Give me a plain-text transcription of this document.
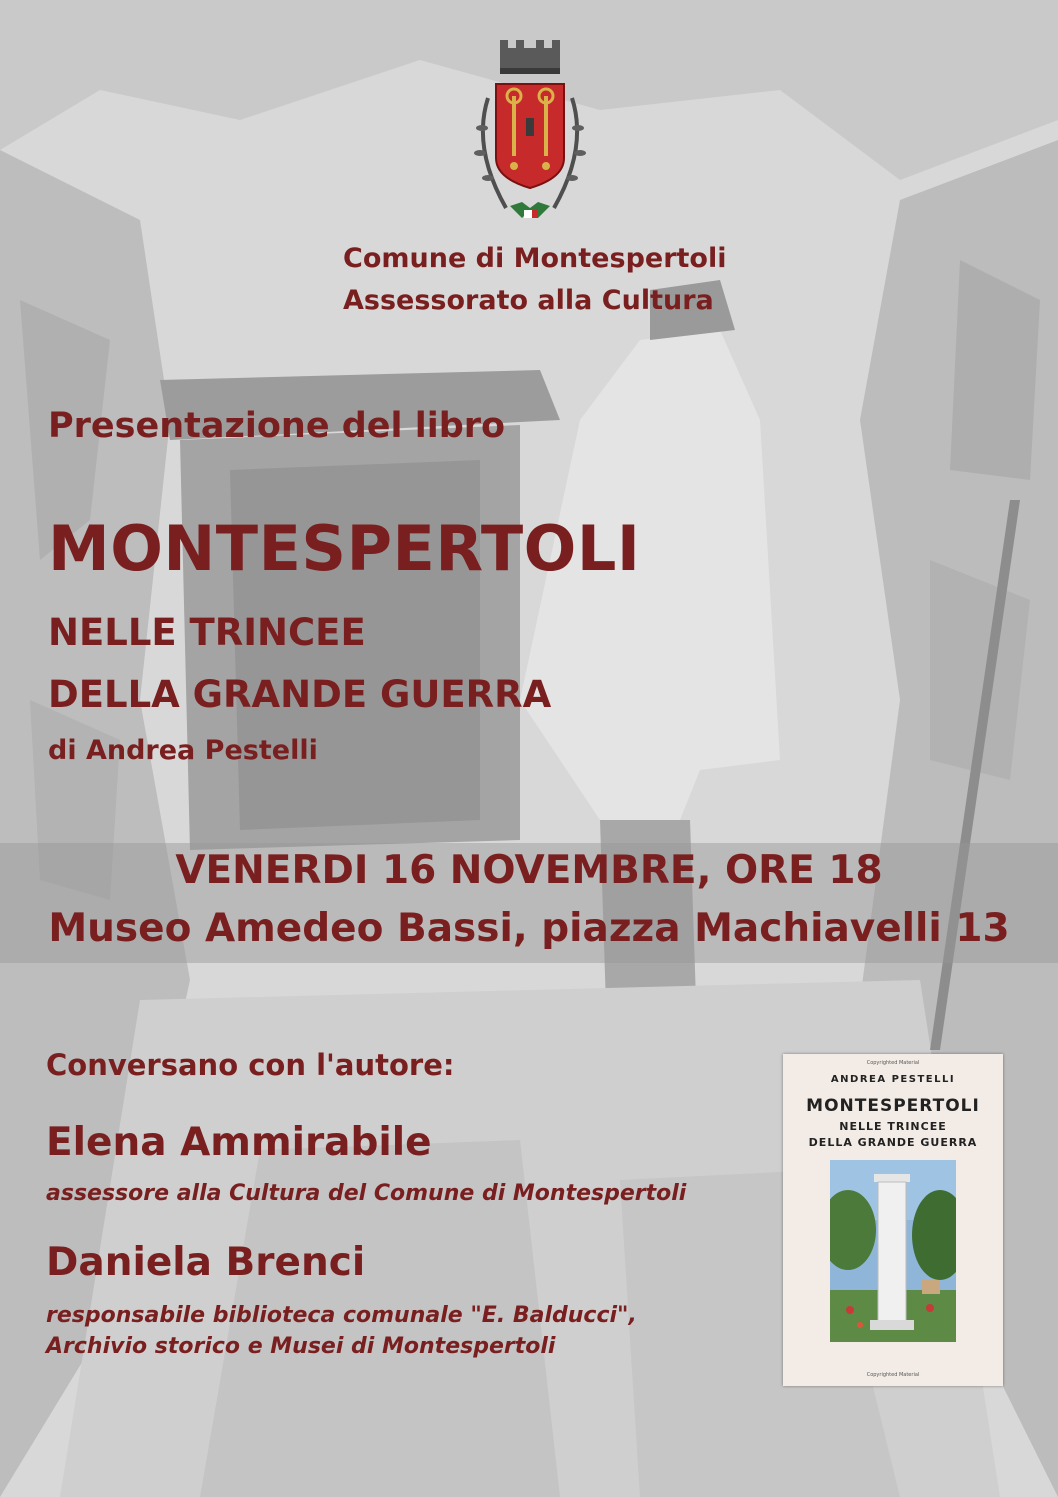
Comune di Montespertoli
Assessorato alla Cultura
Presentazione del libro
MONTESPERTOLI
NELLE TRINCEE
DELLA GRANDE GUERRA
di Andrea Pestelli
VENERDI 16 NOVEMBRE, ORE 18
Museo Amedeo Bassi, piazza Machiavelli 13
Conversano con l'autore:
Elena Ammirabile
assessore alla Cultura del Comune di Montespertoli
Daniela Brenci
responsabile biblioteca comunale "E. Balducci",
Archivio storico e Musei di Montespertoli
Copyrighted Material
ANDREA PESTELLI
MONTESPERTOLI
NELLE TRINCEE
DELLA GRANDE GUERRA
Copyrighted Material
